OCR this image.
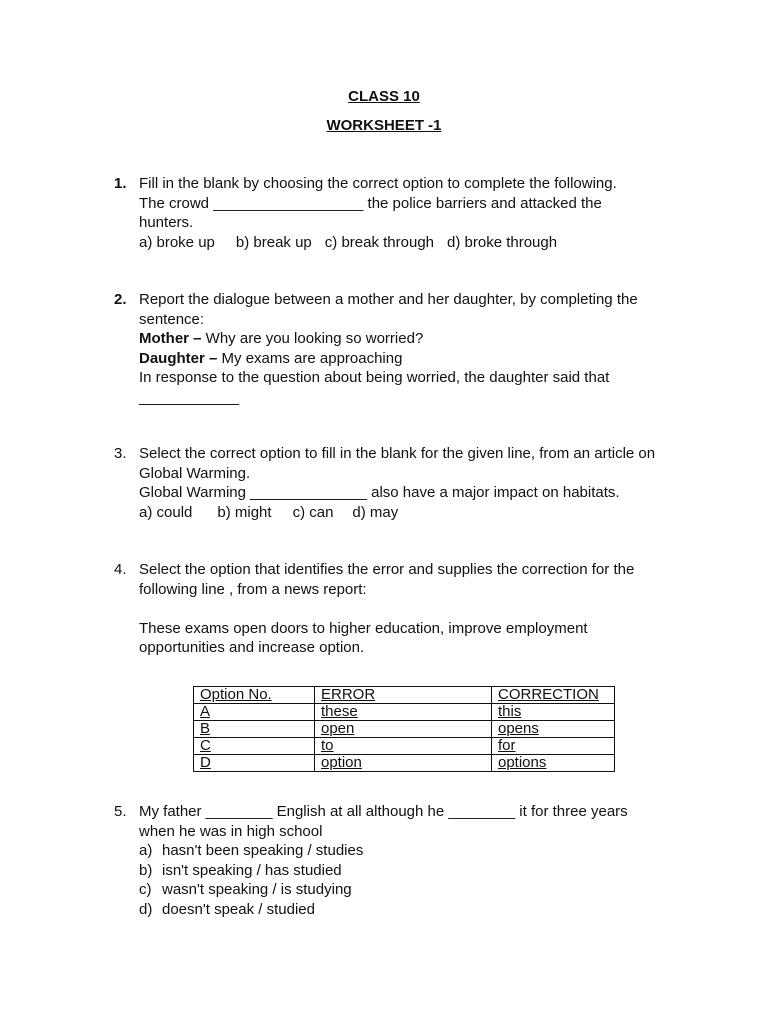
CLASS 10
WORKSHEET -1
1. Fill in the blank by choosing the correct option to complete the following.
The crowd __________________ the police barriers and attacked the hunters.
a) broke up b) break up c) break through d) broke through
2. Report the dialogue between a mother and her daughter, by completing the sentence:
Mother – Why are you looking so worried?
Daughter – My exams are approaching
In response to the question about being worried, the daughter said that
____________
3. Select the correct option to fill in the blank for the given line, from an article on Global Warming.
Global Warming ______________ also have a major impact on habitats.
a) could b) might c) can d) may
4. Select the option that identifies the error and supplies the correction for the following line , from a news report:
These exams open doors to higher education, improve employment opportunities and increase option.
Option No.	ERROR	CORRECTION
A	these	this
B	open	opens
C	to	for
D	option	options
5. My father ________ English at all although he ________ it for three years when he was in high school
a) hasn't been speaking / studies
b) isn't speaking / has studied
c) wasn't speaking / is studying
d) doesn't speak / studied
